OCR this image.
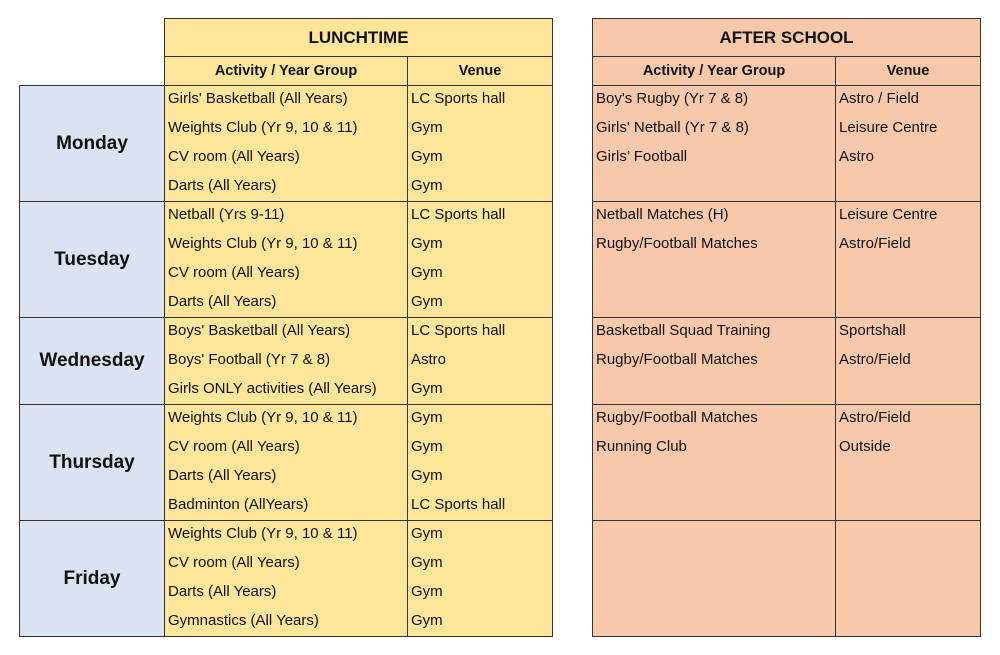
LUNCHTIME
Activity / Year Group	Venue
AFTER SCHOOL
Activity / Year Group	Venue
Monday
Girls' Basketball (All Years)
Weights Club (Yr 9, 10 & 11)
CV room (All Years)
Darts (All Years)
LC Sports hall
Gym
Gym
Gym
Boy's Rugby (Yr 7 & 8)
Girls' Netball (Yr 7 & 8)
Girls’ Football
Astro / Field
Leisure Centre
Astro
Tuesday
Netball (Yrs 9-11)
Weights Club (Yr 9, 10 & 11)
CV room (All Years)
Darts (All Years)
LC Sports hall
Gym
Gym
Gym
Netball Matches (H)
Rugby/Football Matches
Leisure Centre
Astro/Field
Wednesday
Boys' Basketball (All Years)
Boys' Football (Yr 7 & 8)
Girls ONLY activities (All Years)
LC Sports hall
Astro
Gym
Basketball Squad Training
Rugby/Football Matches
Sportshall
Astro/Field
Thursday
Weights Club (Yr 9, 10 & 11)
CV room (All Years)
Darts (All Years)
Badminton (AllYears)
Gym
Gym
Gym
LC Sports hall
Rugby/Football Matches
Running Club
Astro/Field
Outside
Friday
Weights Club (Yr 9, 10 & 11)
CV room (All Years)
Darts (All Years)
Gymnastics (All Years)
Gym
Gym
Gym
Gym
